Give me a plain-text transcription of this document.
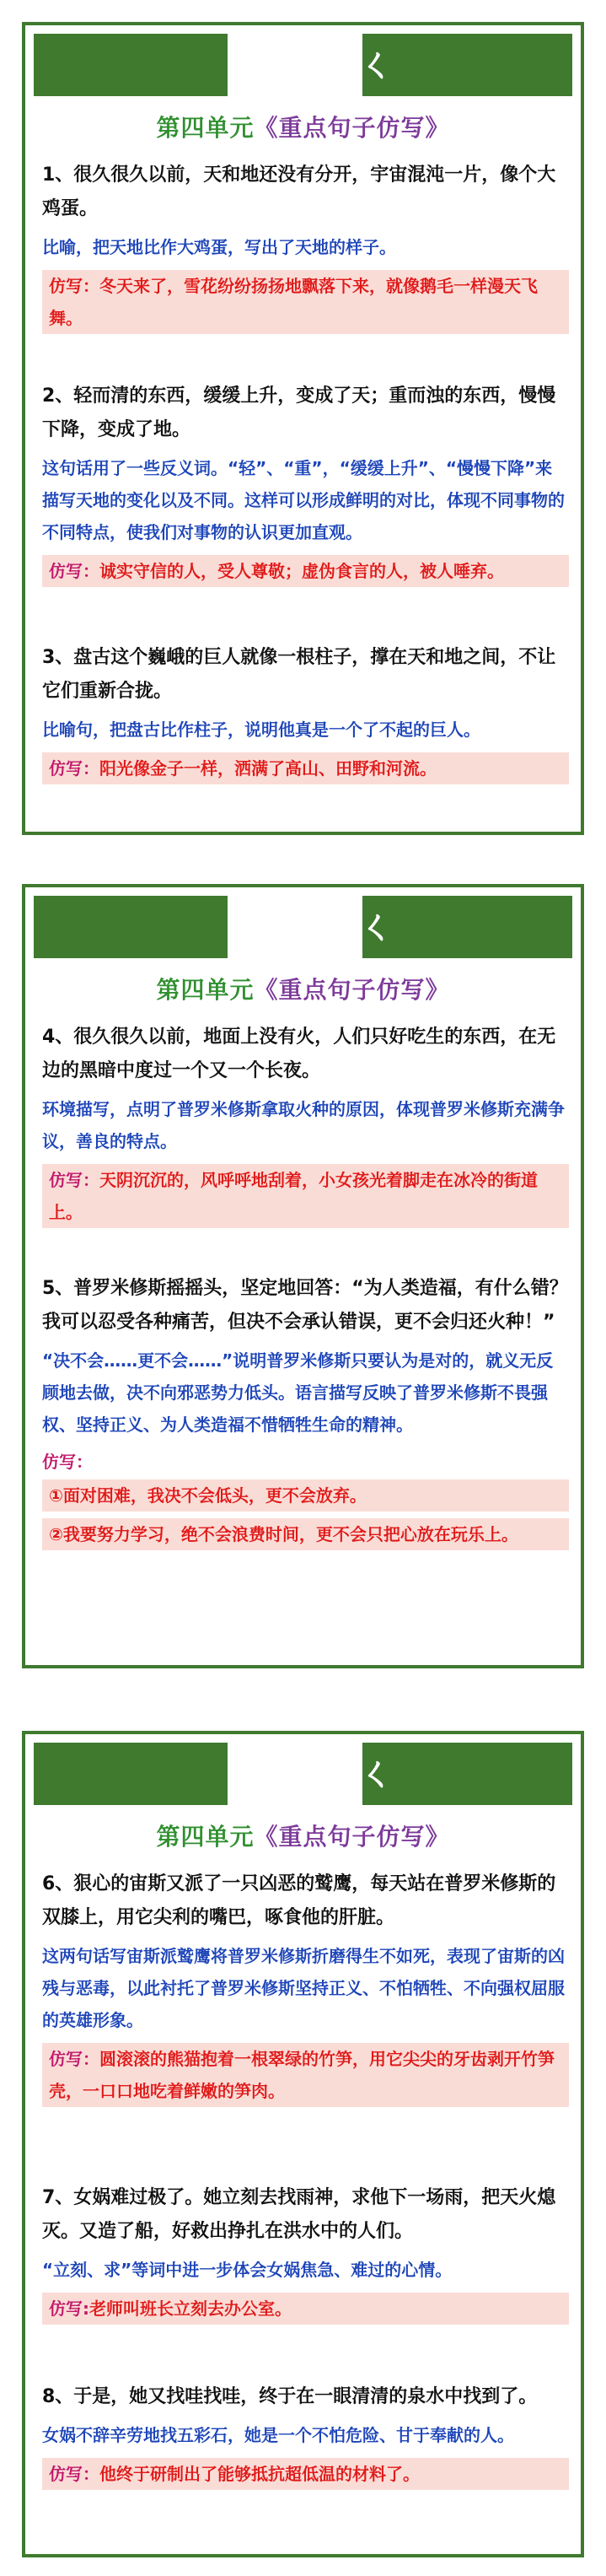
ㄑ
第四单元《重点句子仿写》

1、很久很久以前，天和地还没有分开，宇宙混沌一片，像个大鸡蛋。

比喻，把天地比作大鸡蛋，写出了天地的样子。

仿写：冬天来了，雪花纷纷扬扬地飘落下来，就像鹅毛一样漫天飞舞。

2、轻而清的东西，缓缓上升，变成了天；重而浊的东西，慢慢下降，变成了地。

这句话用了一些反义词。“轻”、“重”，“缓缓上升”、“慢慢下降”来描写天地的变化以及不同。这样可以形成鲜明的对比，体现不同事物的不同特点，使我们对事物的认识更加直观。

仿写：诚实守信的人，受人尊敬；虚伪食言的人，被人唾弃。

3、盘古这个巍峨的巨人就像一根柱子，撑在天和地之间，不让它们重新合拢。

比喻句，把盘古比作柱子，说明他真是一个了不起的巨人。

仿写：阳光像金子一样，洒满了高山、田野和河流。

ㄑ
第四单元《重点句子仿写》

4、很久很久以前，地面上没有火，人们只好吃生的东西，在无边的黑暗中度过一个又一个长夜。

环境描写，点明了普罗米修斯拿取火种的原因，体现普罗米修斯充满争议，善良的特点。

仿写：天阴沉沉的，风呼呼地刮着，小女孩光着脚走在冰冷的街道上。

5、普罗米修斯摇摇头，坚定地回答：“为人类造福，有什么错？我可以忍受各种痛苦，但决不会承认错误，更不会归还火种！”

“决不会……更不会……”说明普罗米修斯只要认为是对的，就义无反顾地去做，决不向邪恶势力低头。语言描写反映了普罗米修斯不畏强权、坚持正义、为人类造福不惜牺牲生命的精神。

仿写：

①面对困难，我决不会低头，更不会放弃。

②我要努力学习，绝不会浪费时间，更不会只把心放在玩乐上。

ㄑ
第四单元《重点句子仿写》

6、狠心的宙斯又派了一只凶恶的鹫鹰，每天站在普罗米修斯的双膝上，用它尖利的嘴巴，啄食他的肝脏。

这两句话写宙斯派鹫鹰将普罗米修斯折磨得生不如死，表现了宙斯的凶残与恶毒，以此衬托了普罗米修斯坚持正义、不怕牺牲、不向强权屈服的英雄形象。

仿写：圆滚滚的熊猫抱着一根翠绿的竹笋，用它尖尖的牙齿剥开竹笋壳，一口口地吃着鲜嫩的笋肉。

7、女娲难过极了。她立刻去找雨神，求他下一场雨，把天火熄灭。又造了船，好救出挣扎在洪水中的人们。

“立刻、求”等词中进一步体会女娲焦急、难过的心情。

仿写:老师叫班长立刻去办公室。

8、于是，她又找哇找哇，终于在一眼清清的泉水中找到了。

女娲不辞辛劳地找五彩石，她是一个不怕危险、甘于奉献的人。

仿写：他终于研制出了能够抵抗超低温的材料了。
